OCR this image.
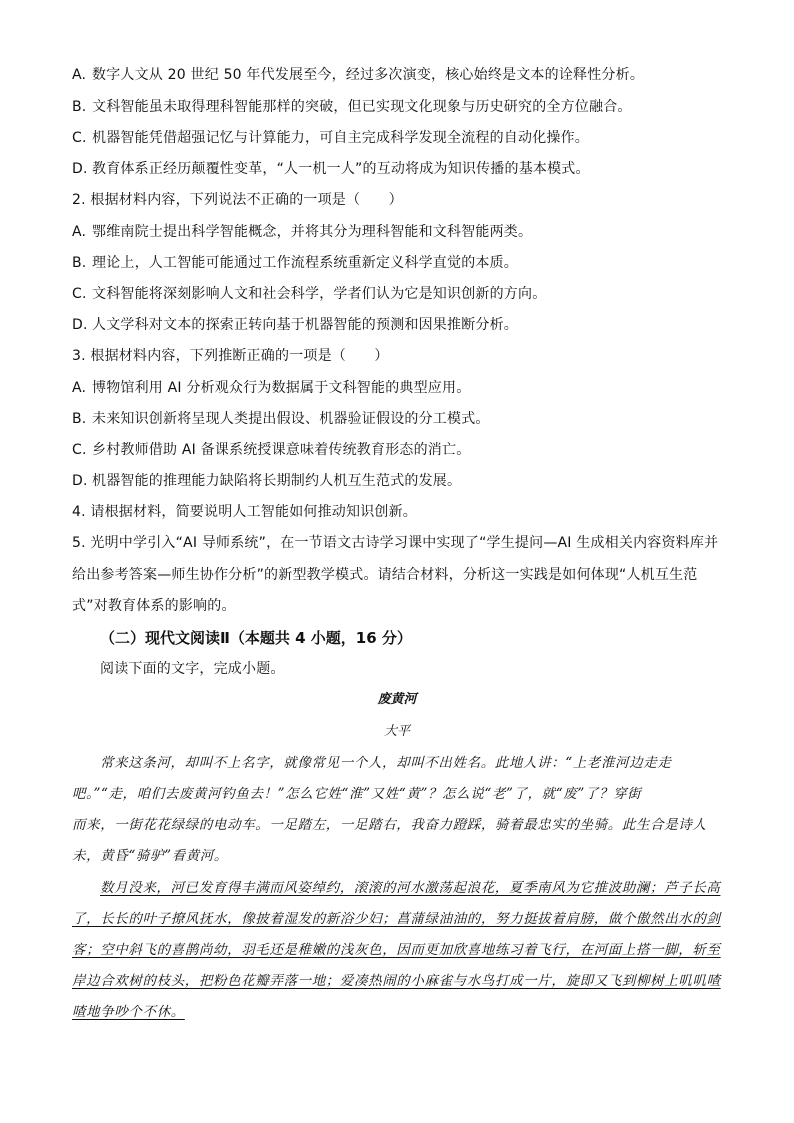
A. 数字人文从 20 世纪 50 年代发展至今，经过多次演变，核心始终是文本的诠释性分析。
B. 文科智能虽未取得理科智能那样的突破，但已实现文化现象与历史研究的全方位融合。
C. 机器智能凭借超强记忆与计算能力，可自主完成科学发现全流程的自动化操作。
D. 教育体系正经历颠覆性变革，“人一机一人”的互动将成为知识传播的基本模式。
2. 根据材料内容，下列说法不正确的一项是（　　）
A. 鄂维南院士提出科学智能概念，并将其分为理科智能和文科智能两类。
B. 理论上，人工智能可能通过工作流程系统重新定义科学直觉的本质。
C. 文科智能将深刻影响人文和社会科学，学者们认为它是知识创新的方向。
D. 人文学科对文本的探索正转向基于机器智能的预测和因果推断分析。
3. 根据材料内容，下列推断正确的一项是（　　）
A. 博物馆利用 AI 分析观众行为数据属于文科智能的典型应用。
B. 未来知识创新将呈现人类提出假设、机器验证假设的分工模式。
C. 乡村教师借助 AI 备课系统授课意味着传统教育形态的消亡。
D. 机器智能的推理能力缺陷将长期制约人机互生范式的发展。
4. 请根据材料，简要说明人工智能如何推动知识创新。
5. 光明中学引入“AI 导师系统”，在一节语文古诗学习课中实现了“学生提问—AI 生成相关内容资料库并
给出参考答案—师生协作分析”的新型教学模式。请结合材料，分析这一实践是如何体现“人机互生范
式”对教育体系的影响的。
（二）现代文阅读Ⅱ（本题共 4 小题，16 分）
阅读下面的文字，完成小题。
废黄河
大平
常来这条河，却叫不上名字，就像常见一个人，却叫不出姓名。此地人讲：“上老淮河边走走
吧。”“走，咱们去废黄河钓鱼去！”怎么它姓“淮”又姓“黄”？怎么说“老”了，就“废”了？穿街
而来，一街花花绿绿的电动车。一足踏左，一足踏右，我奋力蹬踩，骑着最忠实的坐骑。此生合是诗人
未，黄昏“骑驴”看黄河。
数月没来，河已发育得丰满而风姿绰约，滚滚的河水激荡起浪花，夏季南风为它推波助澜；芦子长高
了，长长的叶子撩风抚水，像披着湿发的新浴少妇；菖蒲绿油油的，努力挺拔着肩膀，做个傲然出水的剑
客；空中斜飞的喜鹊尚幼，羽毛还是稚嫩的浅灰色，因而更加欣喜地练习着飞行，在河面上搭一脚，斩至
岸边合欢树的枝头，把粉色花瓣弄落一地；爱凑热闹的小麻雀与水鸟打成一片，旋即又飞到柳树上叽叽喳
喳地争吵个不休。
